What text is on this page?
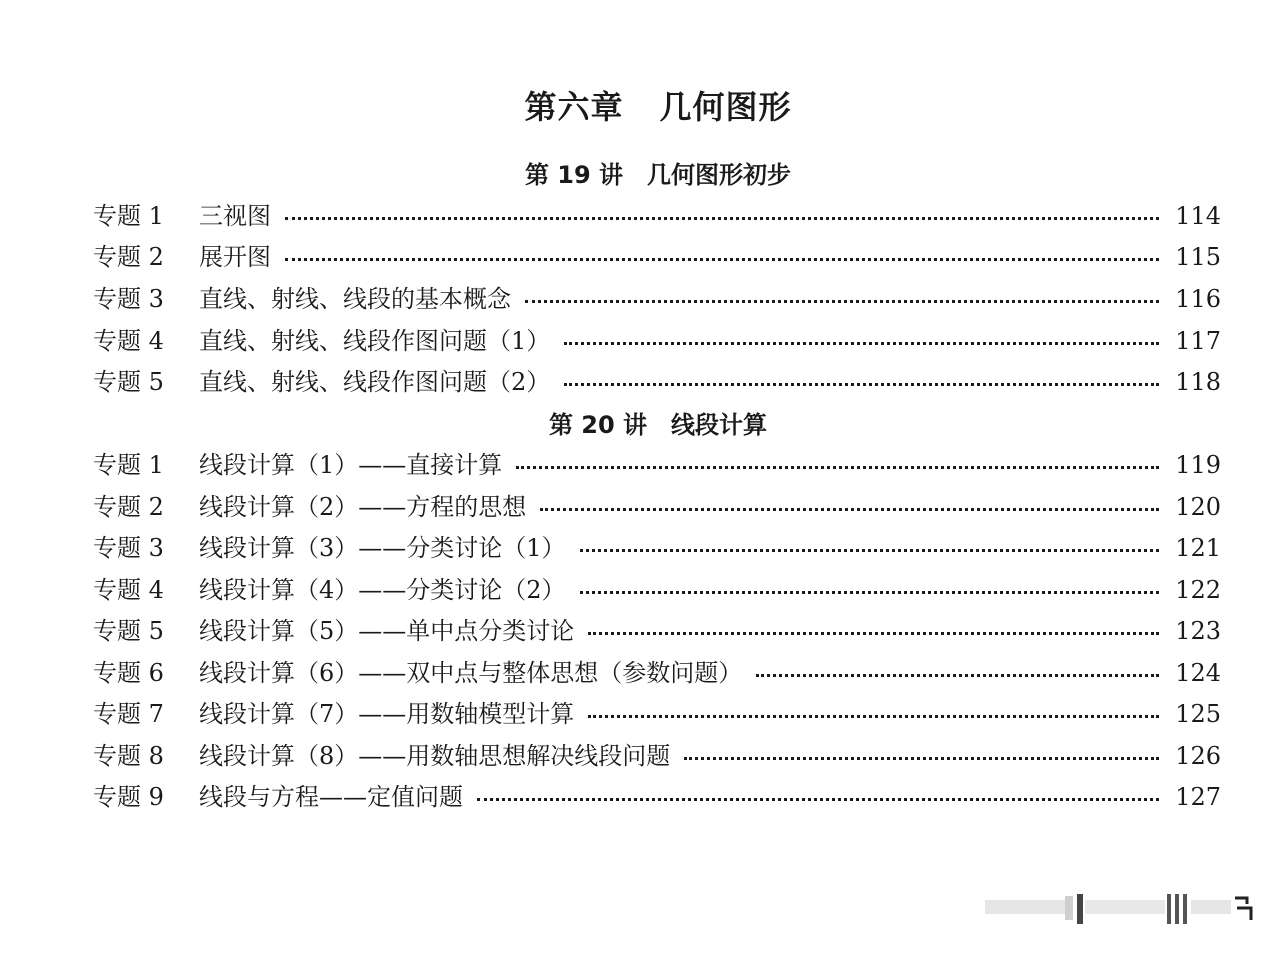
第六章 几何图形
第 19 讲 几何图形初步
专题 1	三视图	114
专题 2	展开图	115
专题 3	直线、射线、线段的基本概念	116
专题 4	直线、射线、线段作图问题（1）	117
专题 5	直线、射线、线段作图问题（2）	118
第 20 讲 线段计算
专题 1	线段计算（1）——直接计算	119
专题 2	线段计算（2）——方程的思想	120
专题 3	线段计算（3）——分类讨论（1）	121
专题 4	线段计算（4）——分类讨论（2）	122
专题 5	线段计算（5）——单中点分类讨论	123
专题 6	线段计算（6）——双中点与整体思想（参数问题）	124
专题 7	线段计算（7）——用数轴模型计算	125
专题 8	线段计算（8）——用数轴思想解决线段问题	126
专题 9	线段与方程——定值问题	127
